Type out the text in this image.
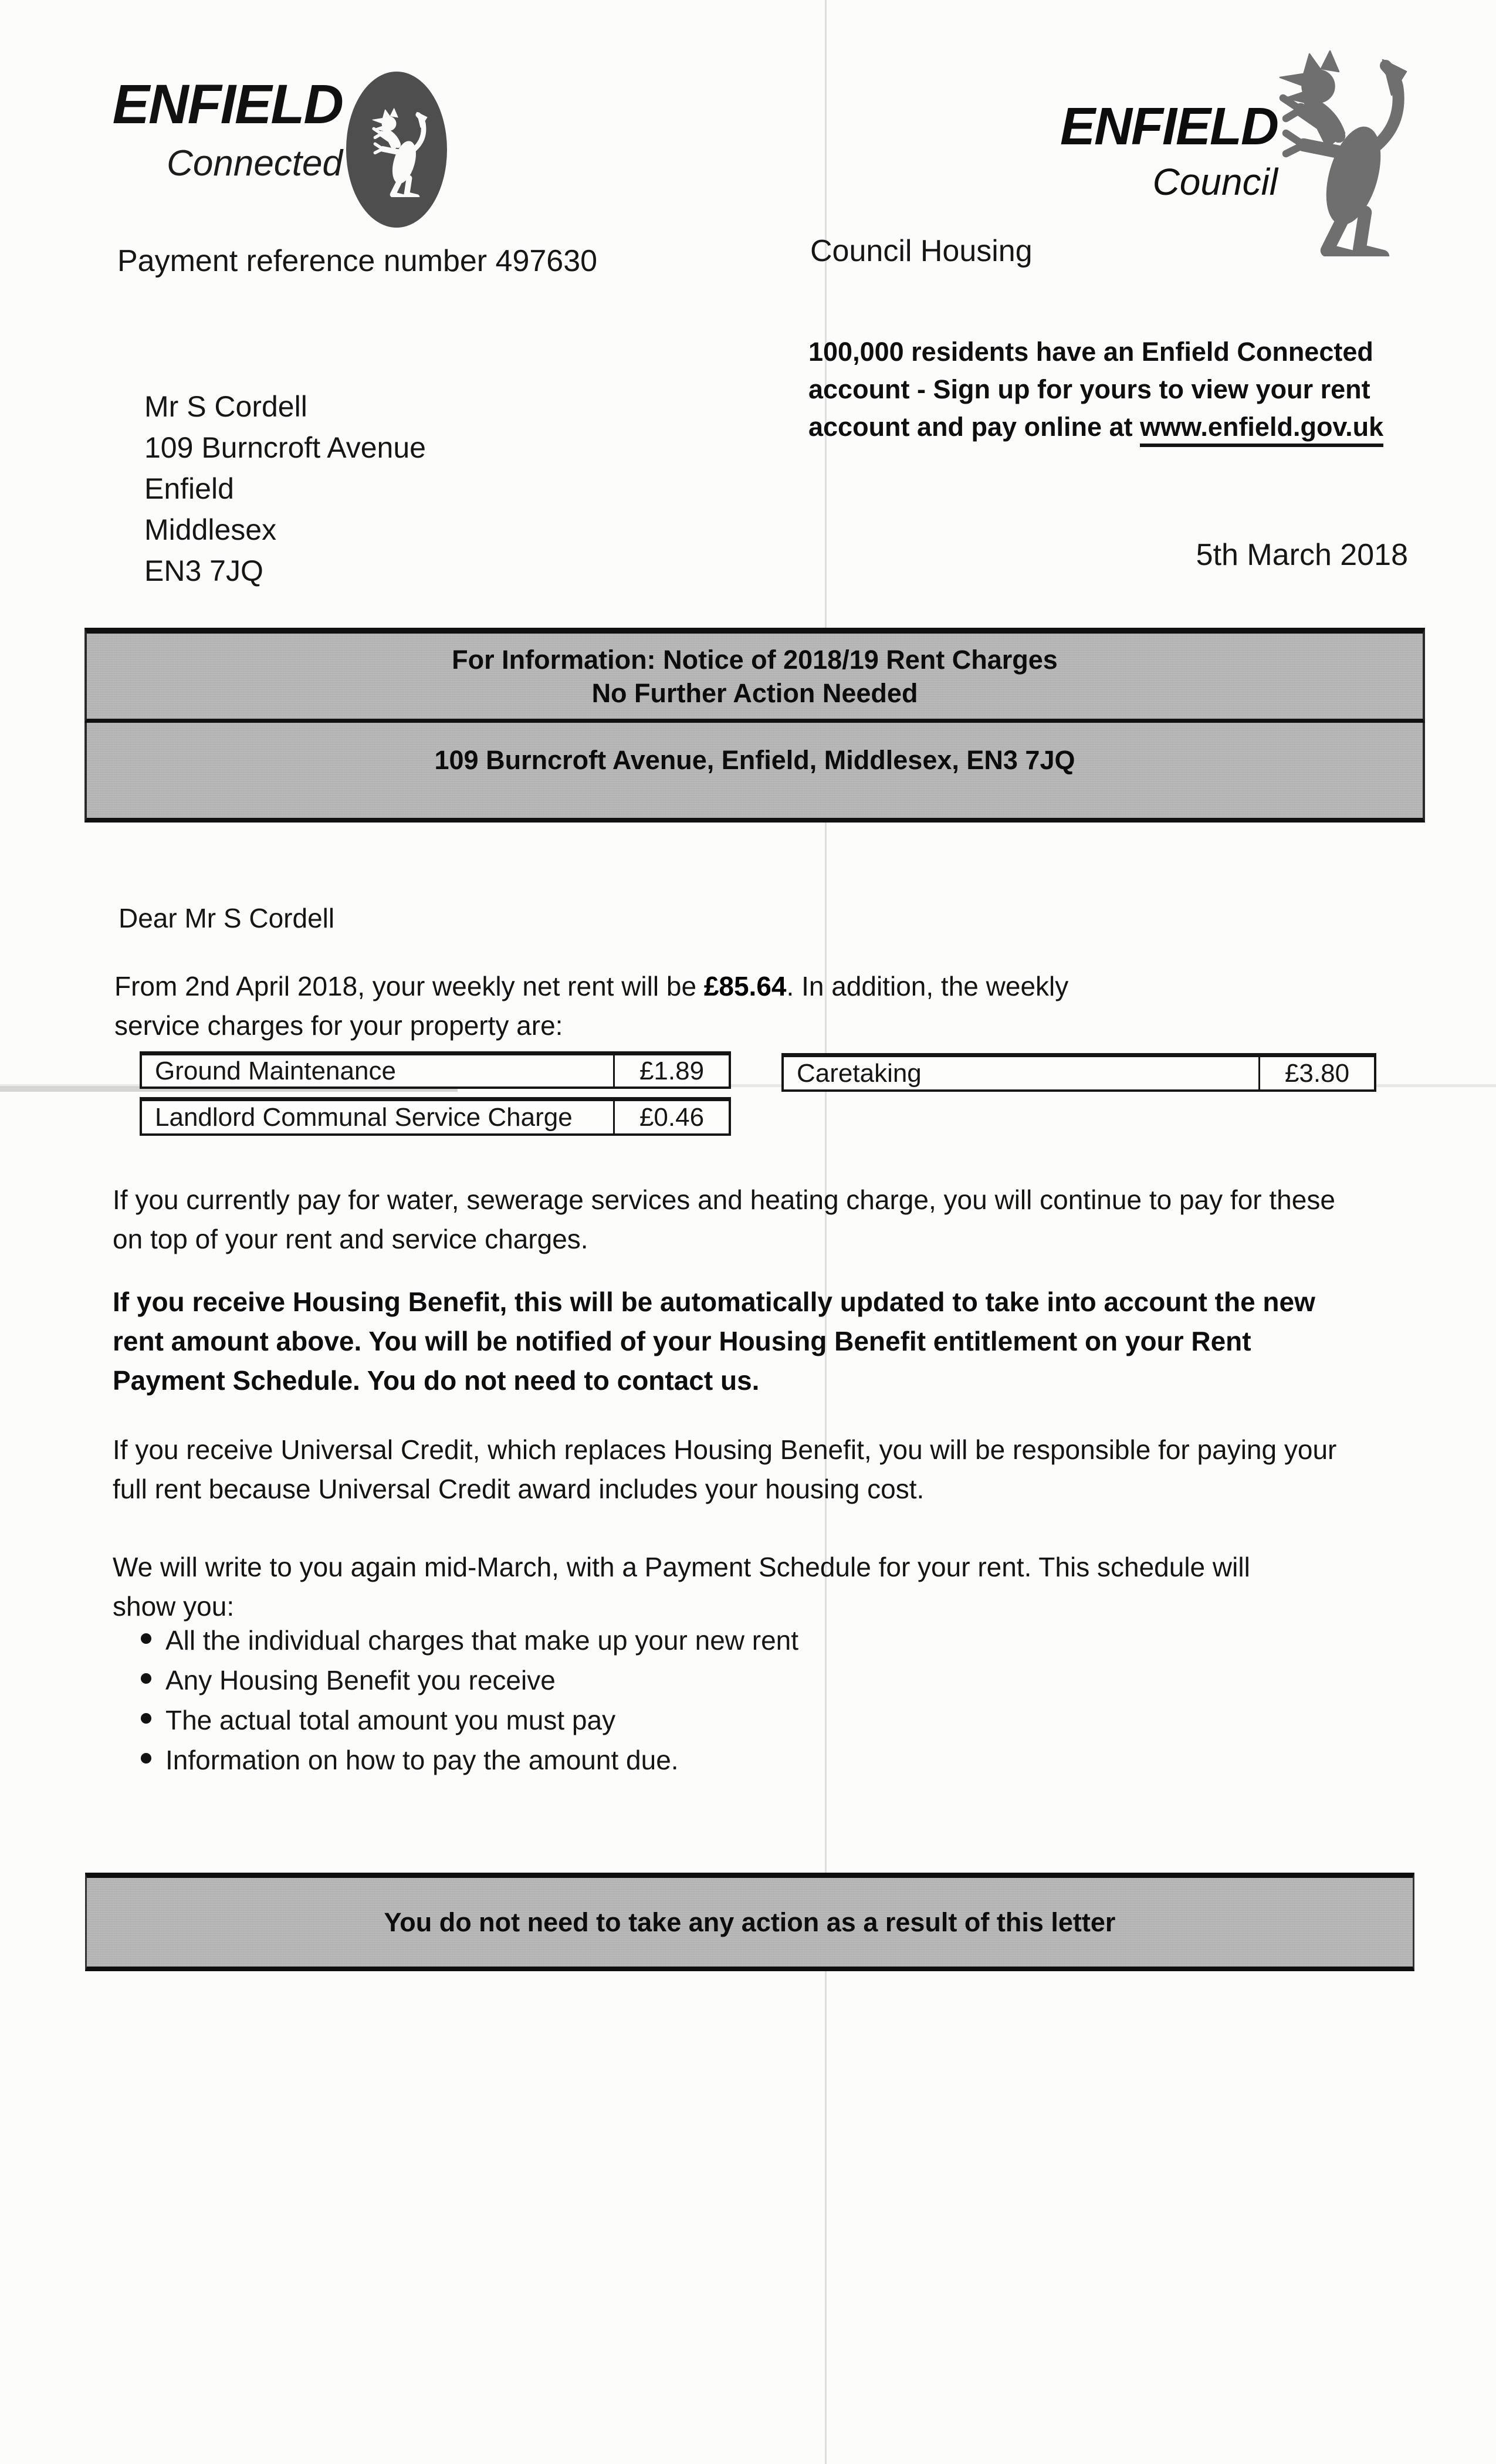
ENFIELD
Connected
ENFIELD
Council
Payment reference number 497630	Council Housing
100,000 residents have an Enfield Connected
account - Sign up for yours to view your rent
account and pay online at www.enfield.gov.uk
Mr S Cordell
109 Burncroft Avenue
Enfield
Middlesex
EN3 7JQ	5th March 2018
For Information: Notice of 2018/19 Rent Charges
No Further Action Needed
109 Burncroft Avenue, Enfield, Middlesex, EN3 7JQ
Dear Mr S Cordell
From 2nd April 2018, your weekly net rent will be £85.64. In addition, the weekly service charges for your property are:
Ground Maintenance	£1.89	Caretaking	£3.80
Landlord Communal Service Charge	£0.46
If you currently pay for water, sewerage services and heating charge, you will continue to pay for these on top of your rent and service charges.
If you receive Housing Benefit, this will be automatically updated to take into account the new rent amount above. You will be notified of your Housing Benefit entitlement on your Rent Payment Schedule. You do not need to contact us.
If you receive Universal Credit, which replaces Housing Benefit, you will be responsible for paying your full rent because Universal Credit award includes your housing cost.
We will write to you again mid-March, with a Payment Schedule for your rent. This schedule will show you:
All the individual charges that make up your new rent
Any Housing Benefit you receive
The actual total amount you must pay
Information on how to pay the amount due.
You do not need to take any action as a result of this letter
